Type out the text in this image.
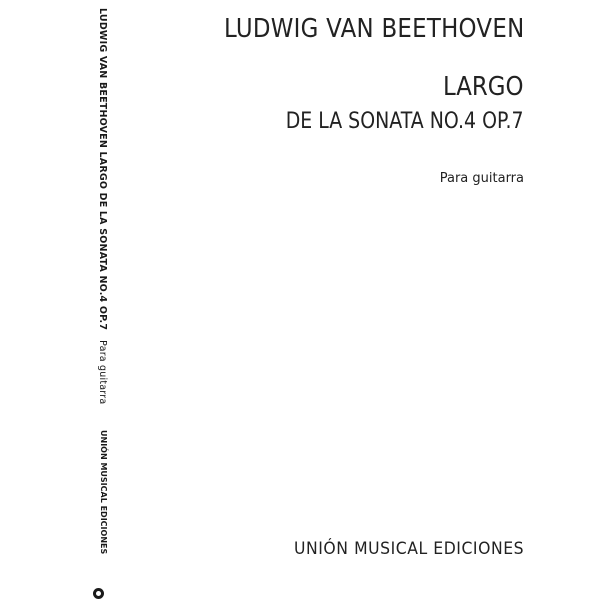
LUDWIG VAN BEETHOVEN LARGO DE LA SONATA NO.4 OP.7Para guitarra
UNIÓN MUSICAL EDICIONES
LUDWIG VAN BEETHOVEN
LARGO
DE LA SONATA NO.4 OP.7
Para guitarra
UNIÓN MUSICAL EDICIONES
